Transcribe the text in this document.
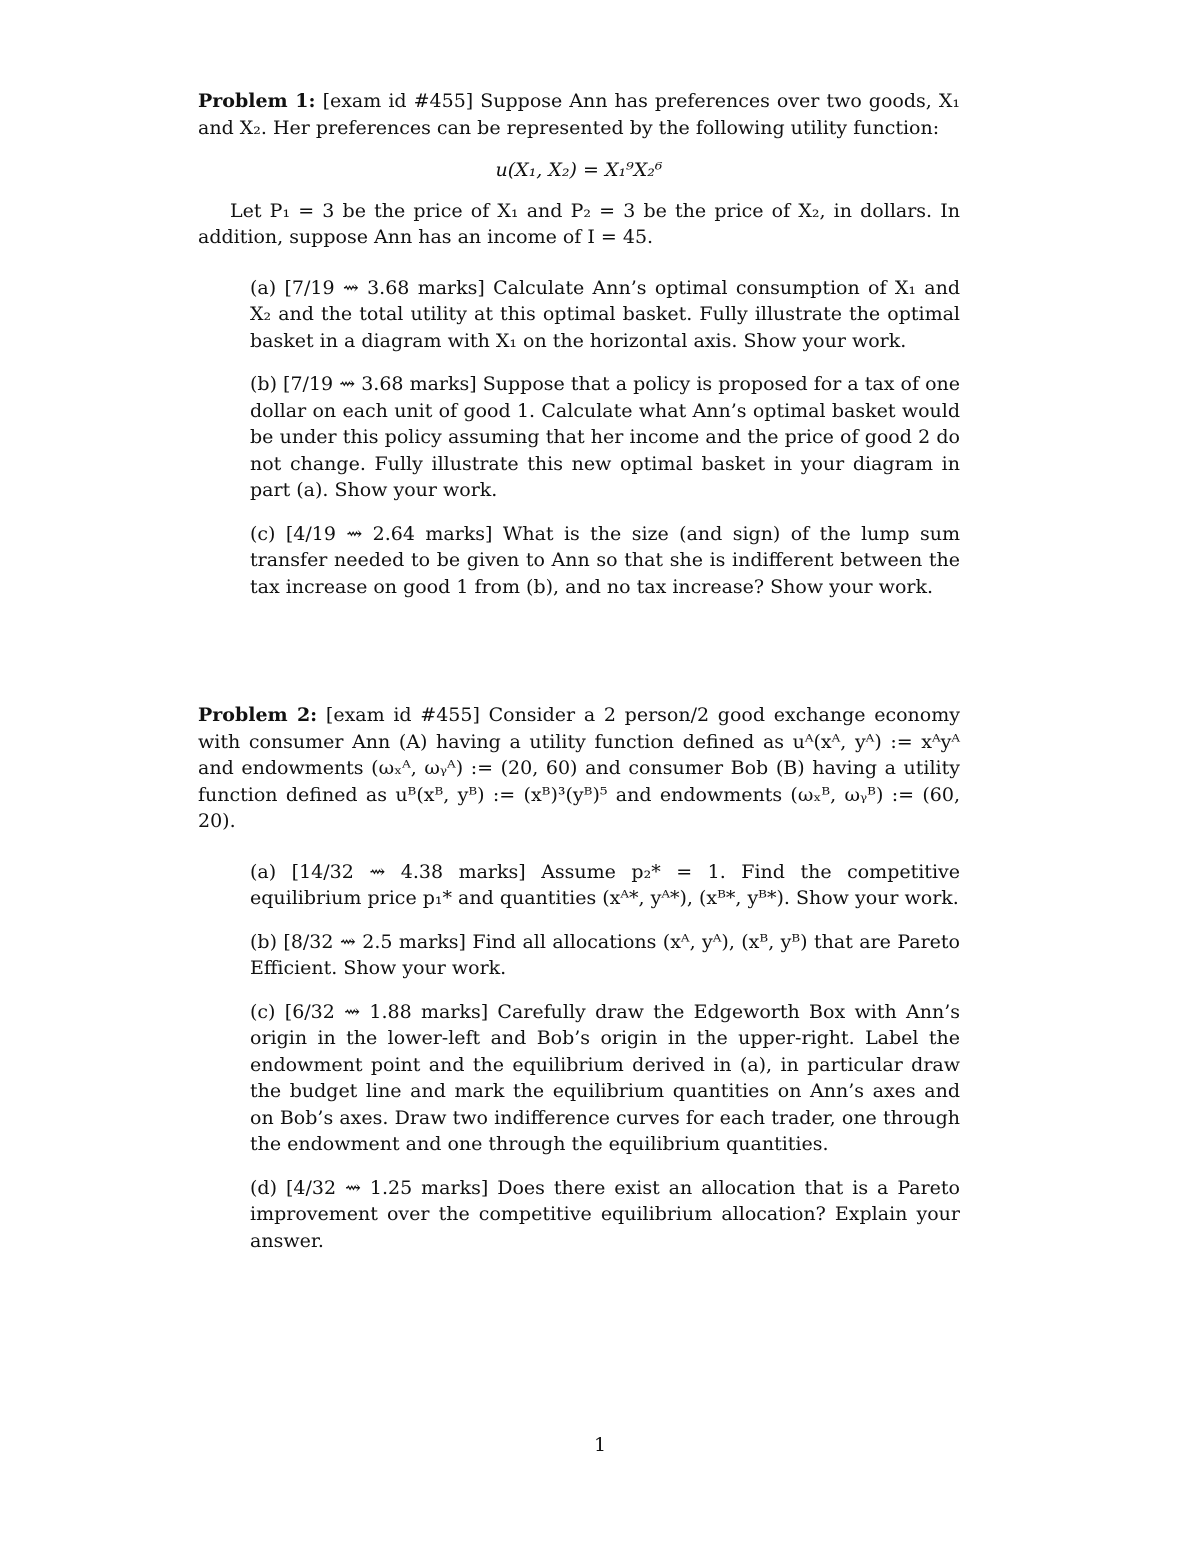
Problem 1: [exam id #455] Suppose Ann has preferences over two goods, X₁ and X₂. Her preferences can be represented by the following utility function:

u(X₁, X₂) = X₁⁹X₂⁶

Let P₁ = 3 be the price of X₁ and P₂ = 3 be the price of X₂, in dollars. In addition, suppose Ann has an income of I = 45.

(a) [7/19 ⇝ 3.68 marks] Calculate Ann’s optimal consumption of X₁ and X₂ and the total utility at this optimal basket. Fully illustrate the optimal basket in a diagram with X₁ on the horizontal axis. Show your work.

(b) [7/19 ⇝ 3.68 marks] Suppose that a policy is proposed for a tax of one dollar on each unit of good 1. Calculate what Ann’s optimal basket would be under this policy assuming that her income and the price of good 2 do not change. Fully illustrate this new optimal basket in your diagram in part (a). Show your work.

(c) [4/19 ⇝ 2.64 marks] What is the size (and sign) of the lump sum transfer needed to be given to Ann so that she is indifferent between the tax increase on good 1 from (b), and no tax increase? Show your work.

Problem 2: [exam id #455] Consider a 2 person/2 good exchange economy with consumer Ann (A) having a utility function defined as uᴬ(xᴬ, yᴬ) := xᴬyᴬ and endowments (ωₓᴬ, ωᵧᴬ) := (20, 60) and consumer Bob (B) having a utility function defined as uᴮ(xᴮ, yᴮ) := (xᴮ)³(yᴮ)⁵ and endowments (ωₓᴮ, ωᵧᴮ) := (60, 20).

(a) [14/32 ⇝ 4.38 marks] Assume p₂* = 1. Find the competitive equilibrium price p₁* and quantities (xᴬ*, yᴬ*), (xᴮ*, yᴮ*). Show your work.

(b) [8/32 ⇝ 2.5 marks] Find all allocations (xᴬ, yᴬ), (xᴮ, yᴮ) that are Pareto Efficient. Show your work.

(c) [6/32 ⇝ 1.88 marks] Carefully draw the Edgeworth Box with Ann’s origin in the lower-left and Bob’s origin in the upper-right. Label the endowment point and the equilibrium derived in (a), in particular draw the budget line and mark the equilibrium quantities on Ann’s axes and on Bob’s axes. Draw two indifference curves for each trader, one through the endowment and one through the equilibrium quantities.

(d) [4/32 ⇝ 1.25 marks] Does there exist an allocation that is a Pareto improvement over the competitive equilibrium allocation? Explain your answer.

1
